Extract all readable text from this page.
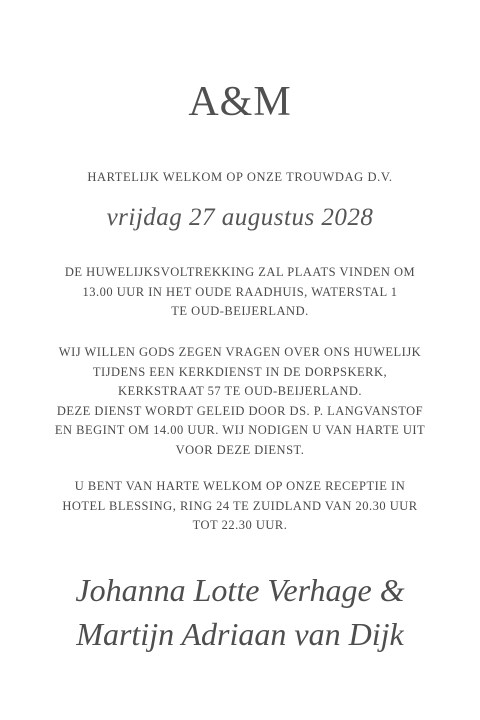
A&M
HARTELIJK WELKOM OP ONZE TROUWDAG D.V.
vrijdag 27 augustus 2028
DE HUWELIJKSVOLTREKKING ZAL PLAATS VINDEN OM
13.00 UUR IN HET OUDE RAADHUIS, WATERSTAL 1
TE OUD-BEIJERLAND.
WIJ WILLEN GODS ZEGEN VRAGEN OVER ONS HUWELIJK
TIJDENS EEN KERKDIENST IN DE DORPSKERK,
KERKSTRAAT 57 TE OUD-BEIJERLAND.
DEZE DIENST WORDT GELEID DOOR DS. P. LANGVANSTOF
EN BEGINT OM 14.00 UUR. WIJ NODIGEN U VAN HARTE UIT
VOOR DEZE DIENST.
U BENT VAN HARTE WELKOM OP ONZE RECEPTIE IN
HOTEL BLESSING, RING 24 TE ZUIDLAND VAN 20.30 UUR
TOT 22.30 UUR.
Johanna Lotte Verhage &
Martijn Adriaan van Dijk
